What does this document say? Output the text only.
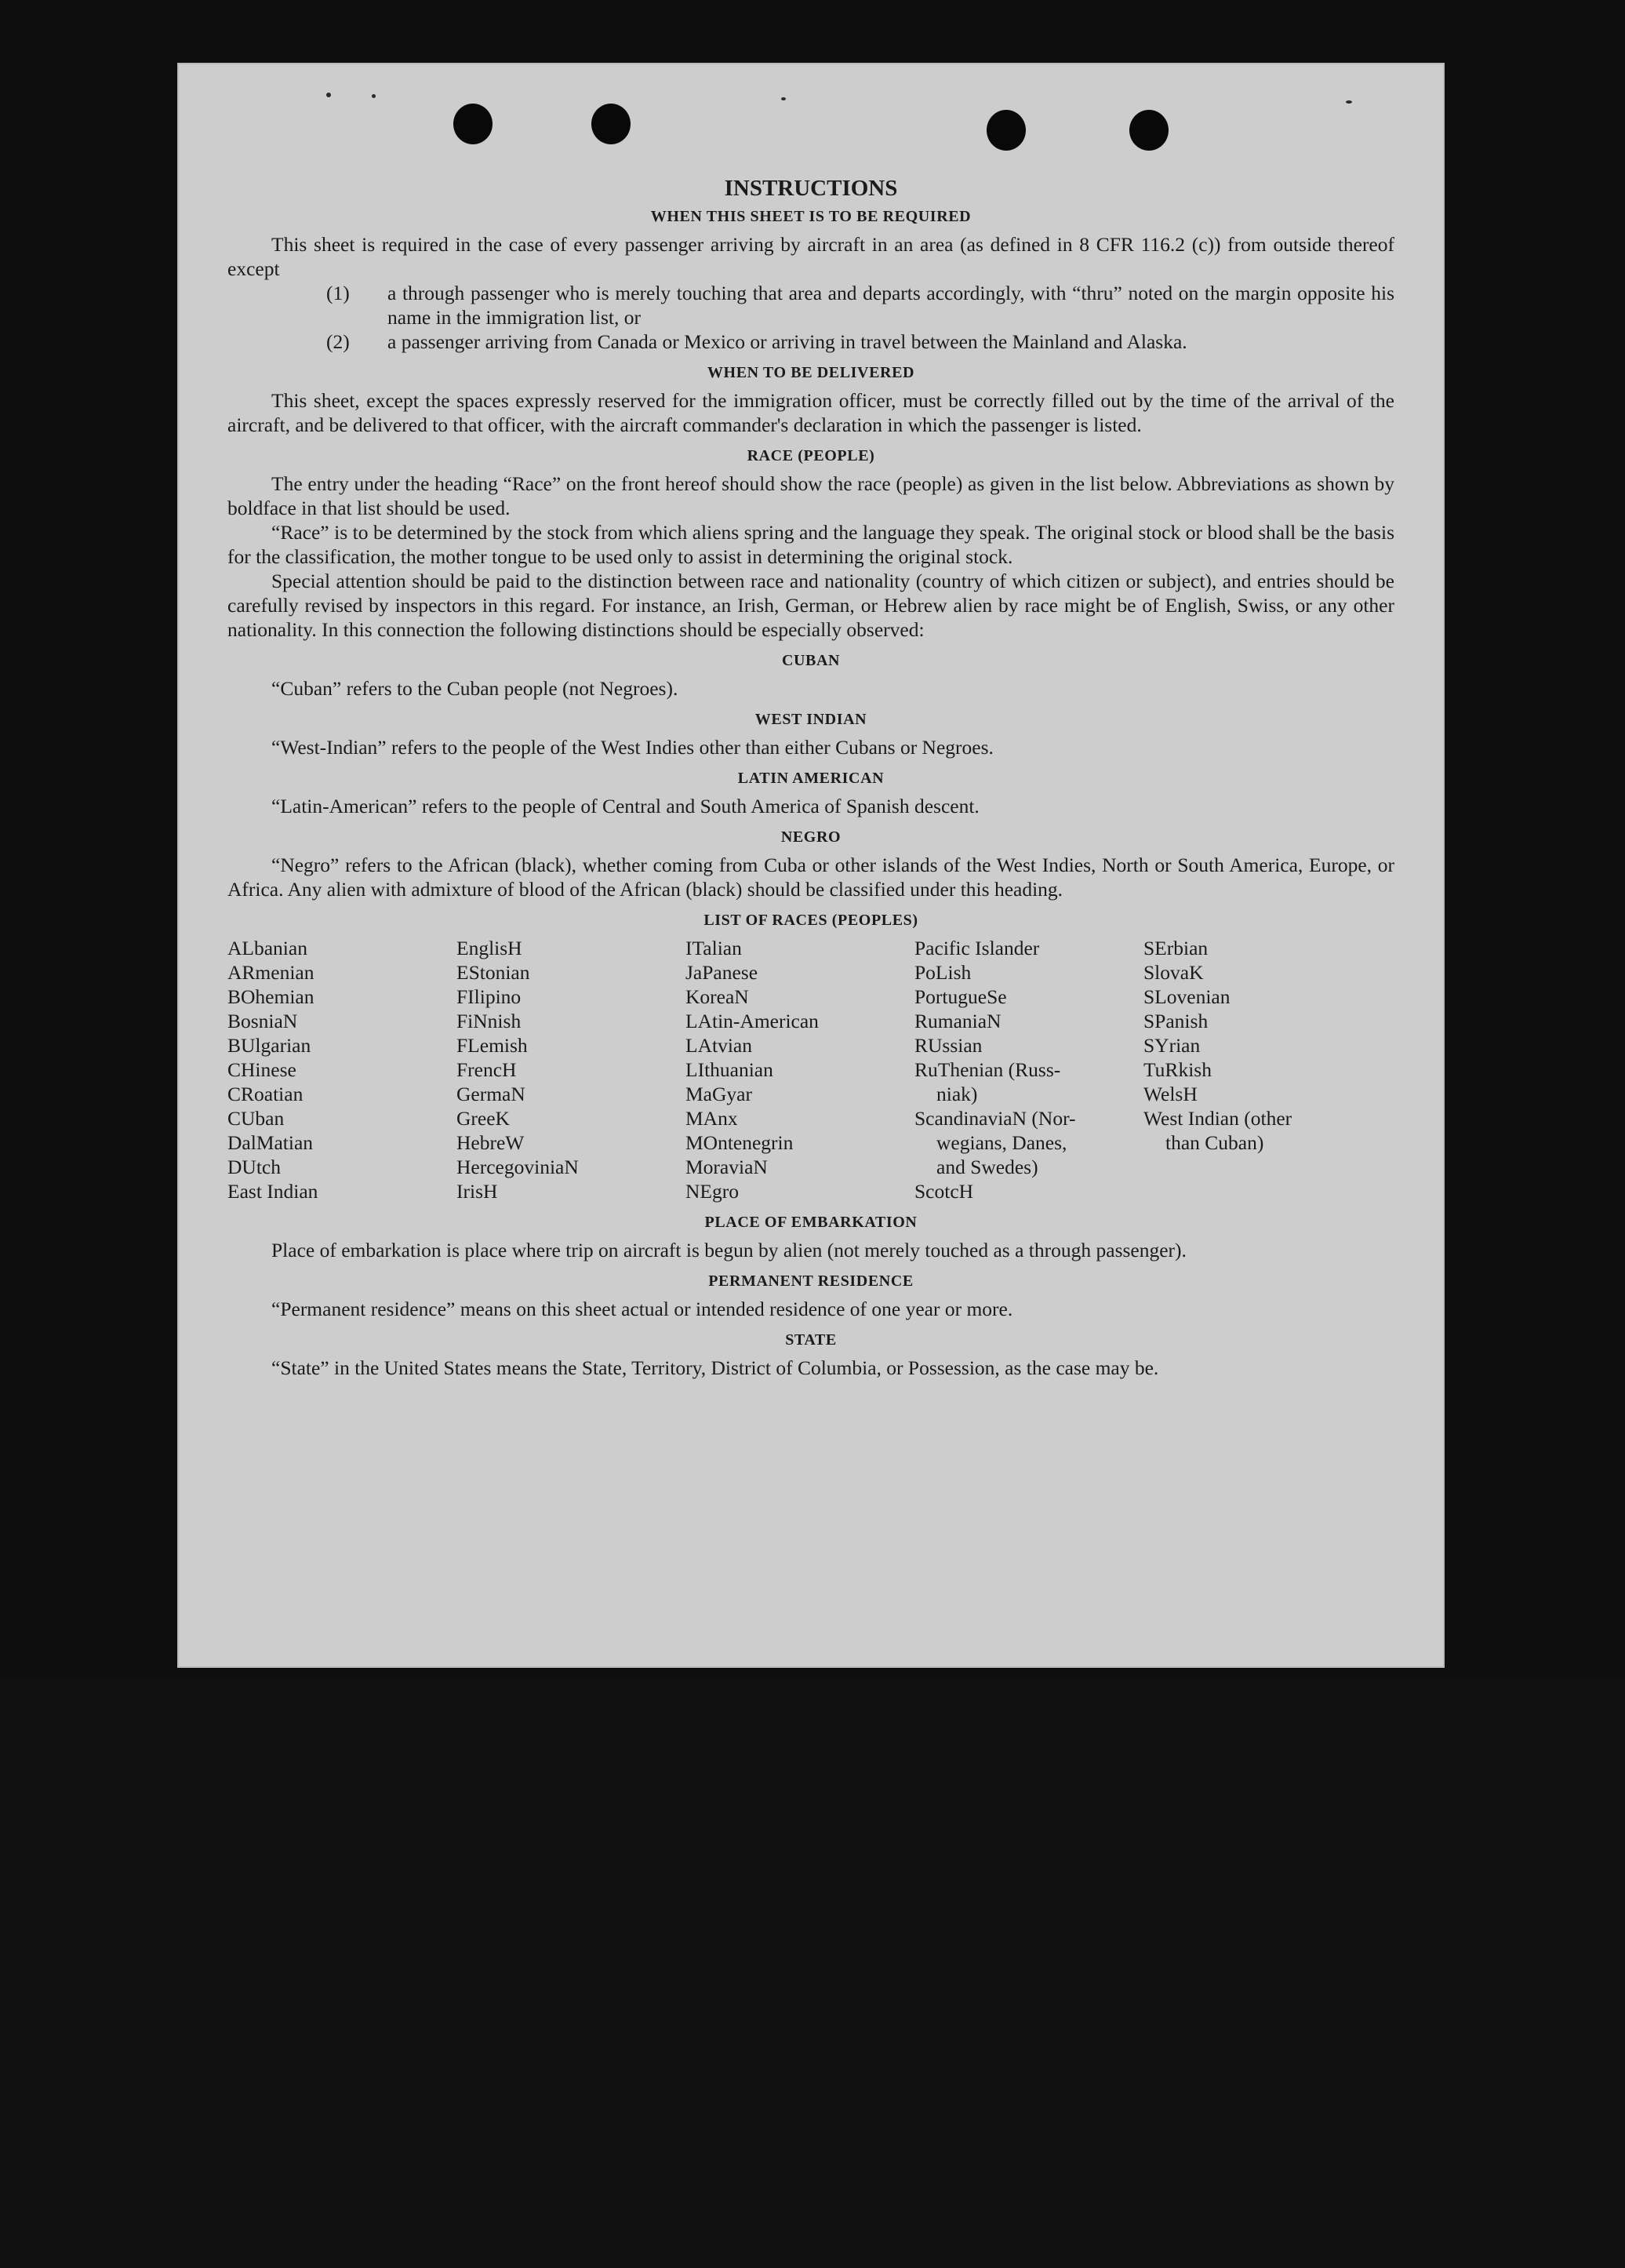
INSTRUCTIONS
WHEN THIS SHEET IS TO BE REQUIRED

This sheet is required in the case of every passenger arriving by aircraft in an area (as defined in 8 CFR 116.2 (c)) from outside thereof except

(1) a through passenger who is merely touching that area and departs accordingly, with “thru” noted on the margin opposite his name in the immigration list, or

(2) a passenger arriving from Canada or Mexico or arriving in travel between the Mainland and Alaska.

WHEN TO BE DELIVERED

This sheet, except the spaces expressly reserved for the immigration officer, must be correctly filled out by the time of the arrival of the aircraft, and be delivered to that officer, with the aircraft commander's declaration in which the passenger is listed.

RACE (PEOPLE)

The entry under the heading “Race” on the front hereof should show the race (people) as given in the list below. Abbreviations as shown by boldface in that list should be used.

“Race” is to be determined by the stock from which aliens spring and the language they speak. The original stock or blood shall be the basis for the classification, the mother tongue to be used only to assist in determining the original stock.

Special attention should be paid to the distinction between race and nationality (country of which citizen or subject), and entries should be carefully revised by inspectors in this regard. For instance, an Irish, German, or Hebrew alien by race might be of English, Swiss, or any other nationality. In this connection the following distinctions should be especially observed:

CUBAN

“Cuban” refers to the Cuban people (not Negroes).

WEST INDIAN

“West-Indian” refers to the people of the West Indies other than either Cubans or Negroes.

LATIN AMERICAN

“Latin-American” refers to the people of Central and South America of Spanish descent.

NEGRO

“Negro” refers to the African (black), whether coming from Cuba or other islands of the West Indies, North or South America, Europe, or Africa. Any alien with admixture of blood of the African (black) should be classified under this heading.

LIST OF RACES (PEOPLES)

ALbanian

ARmenian

BOhemian

BosniaN

BUlgarian

CHinese

CRoatian

CUban

DalMatian

DUtch

East Indian

EnglisH

EStonian

FIlipino

FiNnish

FLemish

FrencH

GermaN

GreeK

HebreW

HercegoviniaN

IrisH

ITalian

JaPanese

KoreaN

LAtin-American

LAtvian

LIthuanian

MaGyar

MAnx

MOntenegrin

MoraviaN

NEgro

Pacific Islander

PoLish

PortugueSe

RumaniaN

RUssian

RuThenian (Russ-

niak)

ScandinaviaN (Nor-

wegians, Danes,

and Swedes)

ScotcH

SErbian

SlovaK

SLovenian

SPanish

SYrian

TuRkish

WelsH

West Indian (other

than Cuban)

PLACE OF EMBARKATION

Place of embarkation is place where trip on aircraft is begun by alien (not merely touched as a through passenger).

PERMANENT RESIDENCE

“Permanent residence” means on this sheet actual or intended residence of one year or more.

STATE

“State” in the United States means the State, Territory, District of Columbia, or Possession, as the case may be.
